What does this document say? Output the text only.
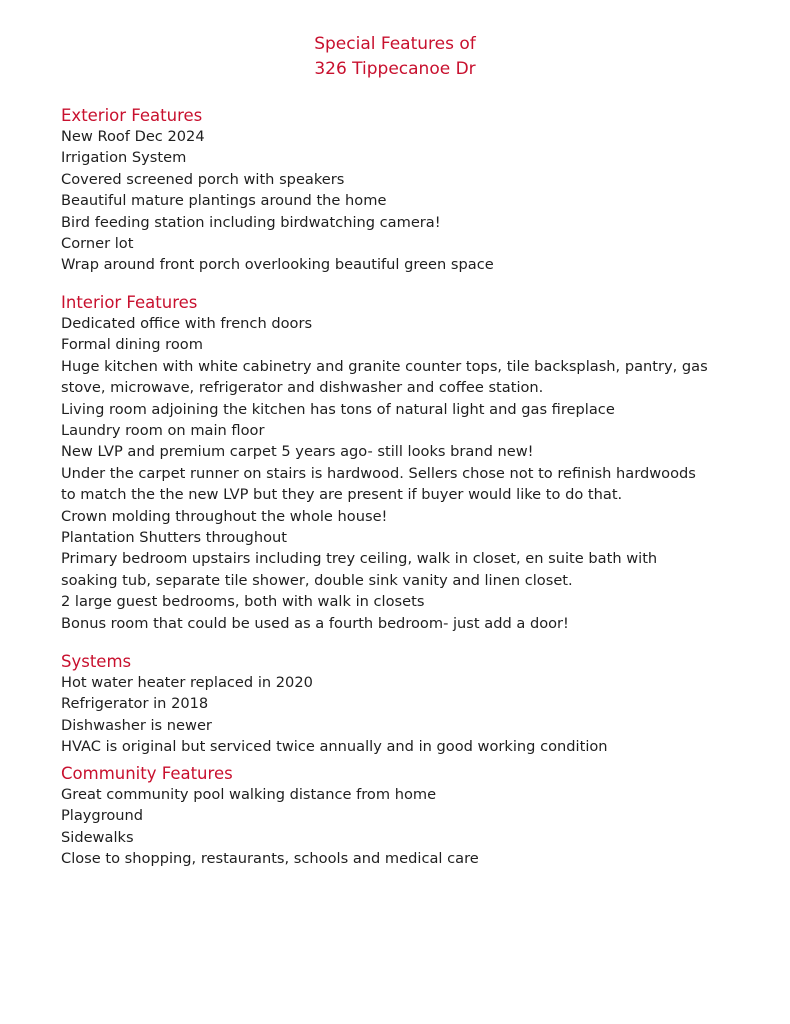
Special Features of
326 Tippecanoe Dr
Exterior Features
New Roof Dec 2024
Irrigation System
Covered screened porch with speakers
Beautiful mature plantings around the home
Bird feeding station including birdwatching camera!
Corner lot
Wrap around front porch overlooking beautiful green space
Interior Features
Dedicated office with french doors
Formal dining room
Huge kitchen with white cabinetry and granite counter tops, tile backsplash, pantry, gas
stove, microwave, refrigerator and dishwasher and coffee station.
Living room adjoining the kitchen has tons of natural light and gas fireplace
Laundry room on main floor
New LVP and premium carpet 5 years ago- still looks brand new!
Under the carpet runner on stairs is hardwood. Sellers chose not to refinish hardwoods
to match the the new LVP but they are present if buyer would like to do that.
Crown molding throughout the whole house!
Plantation Shutters throughout
Primary bedroom upstairs including trey ceiling, walk in closet, en suite bath with
soaking tub, separate tile shower, double sink vanity and linen closet.
2 large guest bedrooms, both with walk in closets
Bonus room that could be used as a fourth bedroom- just add a door!
Systems
Hot water heater replaced in 2020
Refrigerator in 2018
Dishwasher is newer
HVAC is original but serviced twice annually and in good working condition
Community Features
Great community pool walking distance from home
Playground
Sidewalks
Close to shopping, restaurants, schools and medical care
